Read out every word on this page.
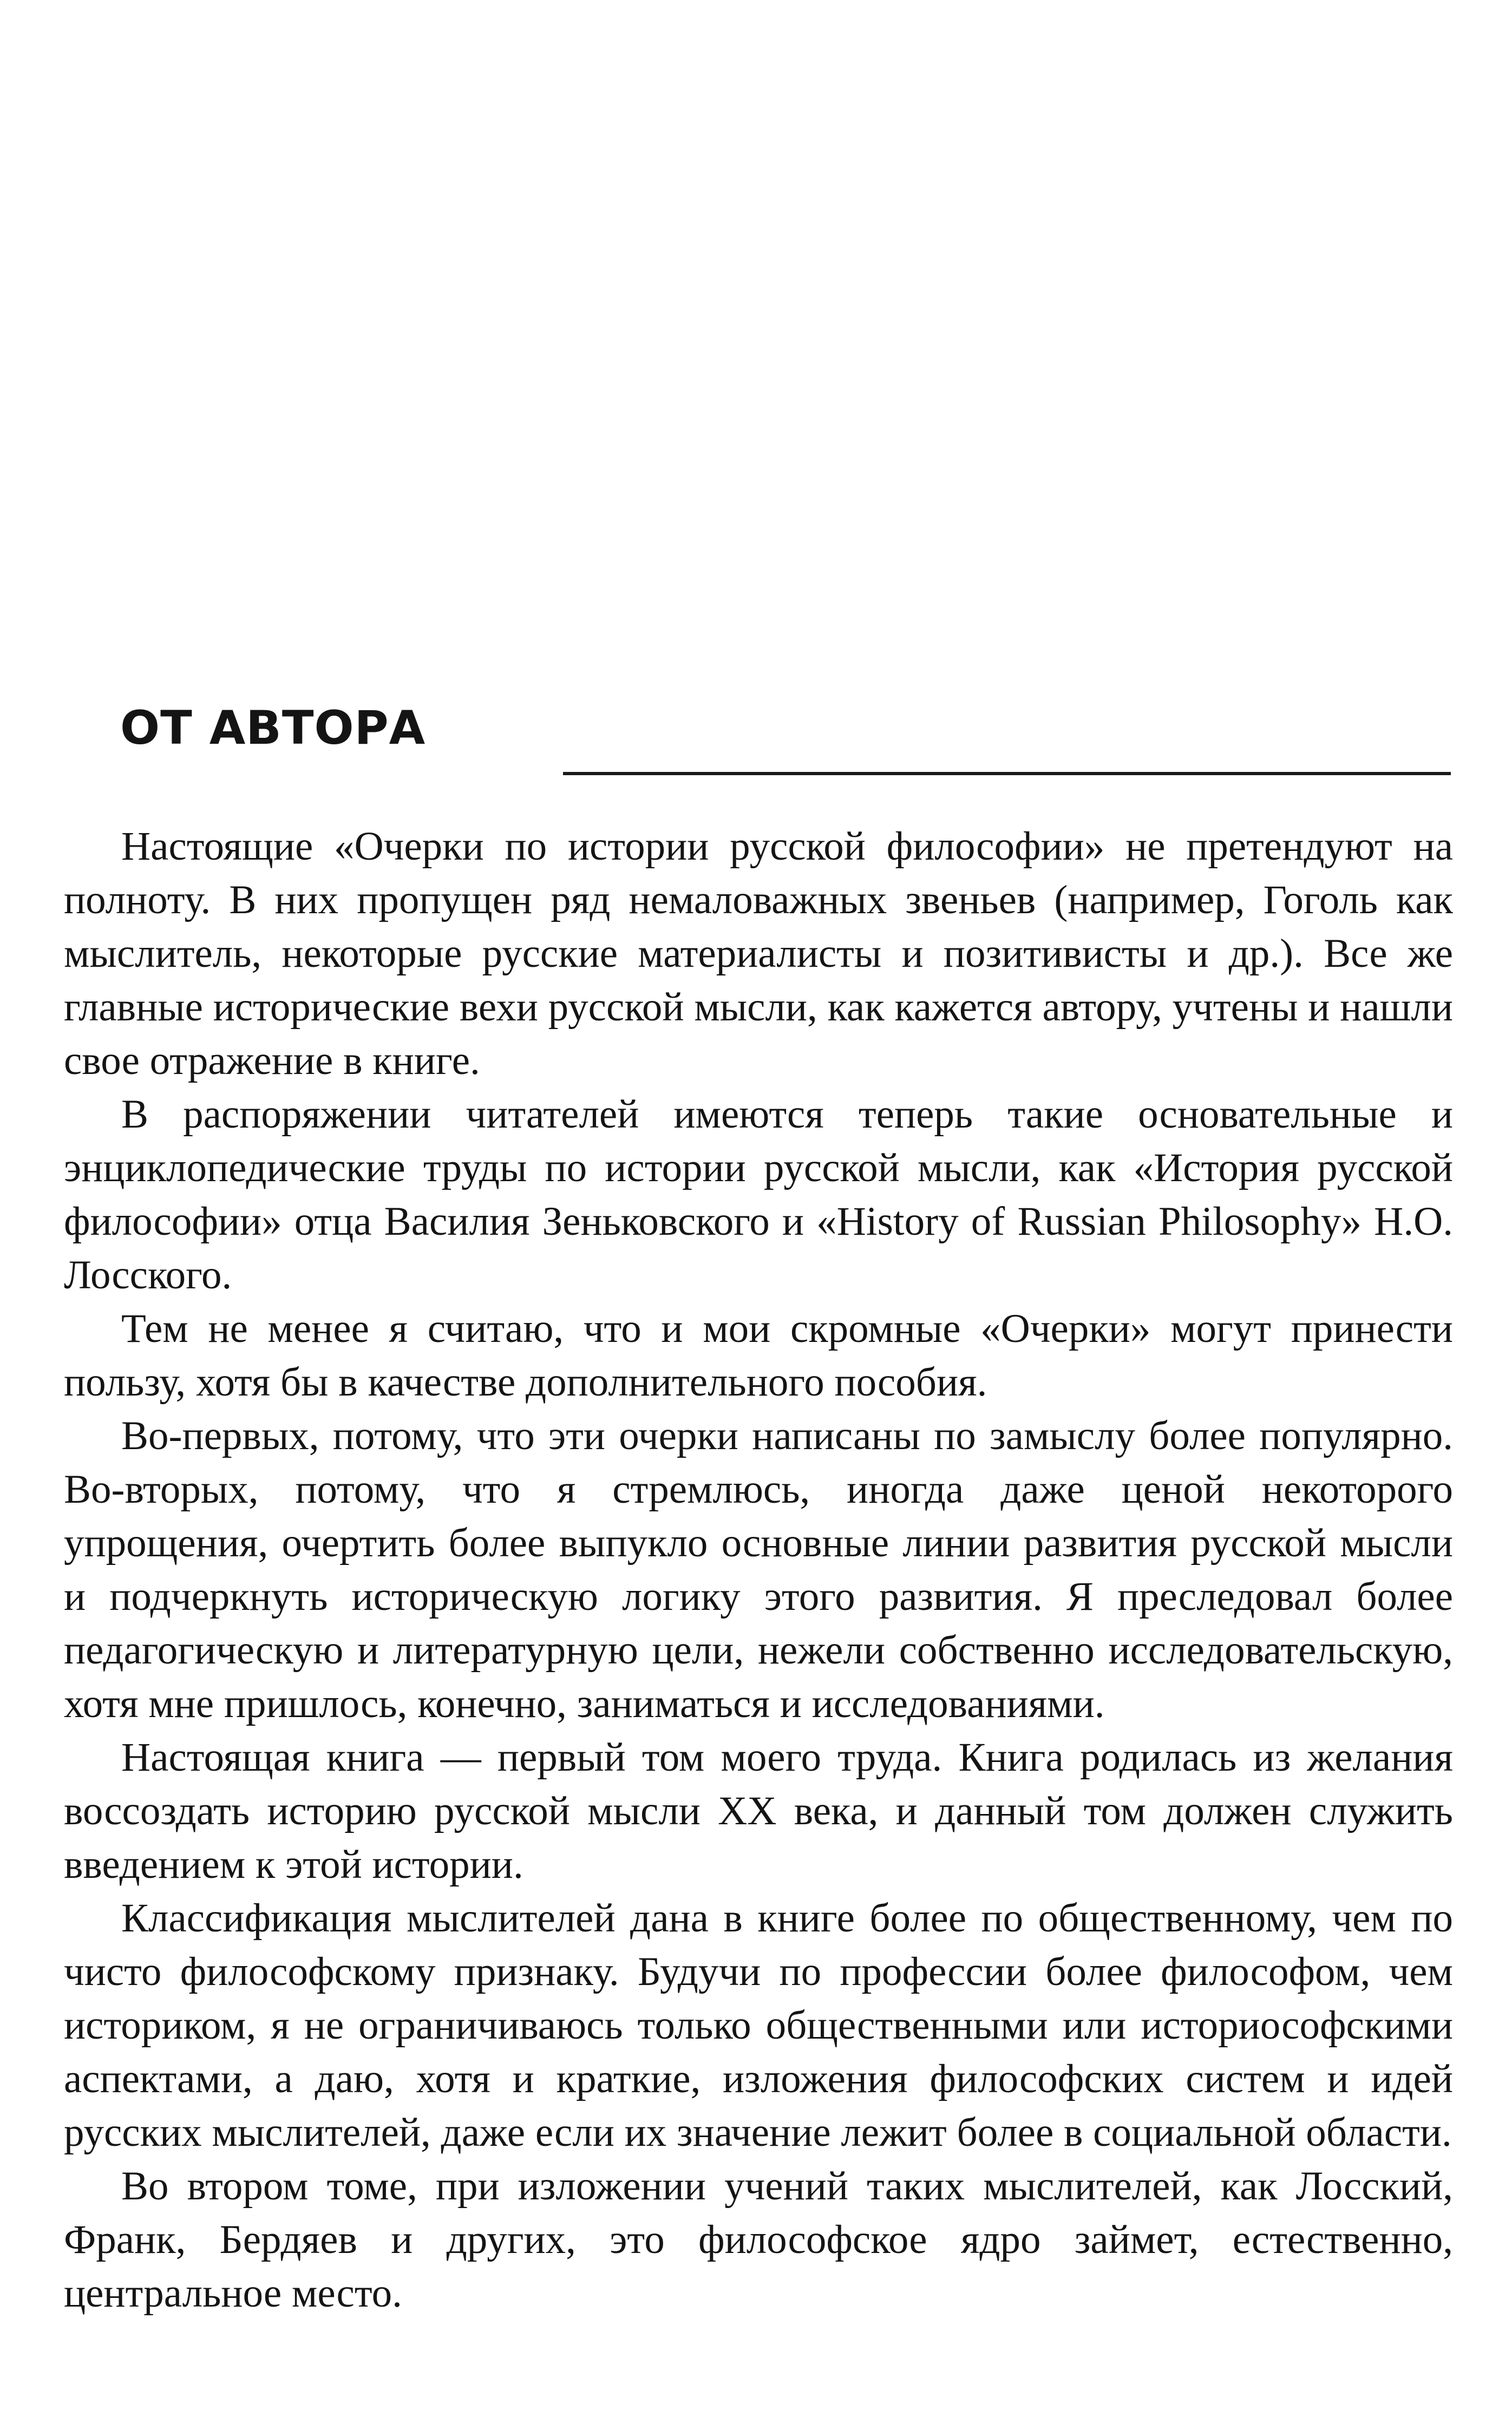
ОТ АВТОРА

Настоящие «Очерки по истории русской философии» не претендуют на полноту. В них пропущен ряд немаловажных звеньев (например, Гоголь как мыслитель, некоторые русские материалисты и позитивисты и др.). Все же главные исторические вехи русской мысли, как кажется автору, учтены и нашли свое отражение в книге.

В распоряжении читателей имеются теперь такие основательные и энциклопедические труды по истории русской мысли, как «История русской философии» отца Василия Зеньковского и «History of Russian Philosophy» Н.О. Лосского.

Тем не менее я считаю, что и мои скромные «Очерки» могут принести пользу, хотя бы в качестве дополнительного пособия.

Во-первых, потому, что эти очерки написаны по замыслу более популярно. Во-вторых, потому, что я стремлюсь, иногда даже ценой некоторого упрощения, очертить более выпукло основные линии развития русской мысли и подчеркнуть историческую логику этого развития. Я преследовал более педагогическую и литературную цели, нежели собственно исследовательскую, хотя мне пришлось, конечно, заниматься и исследованиями.

Настоящая книга — первый том моего труда. Книга родилась из желания воссоздать историю русской мысли XX века, и данный том должен служить введением к этой истории.

Классификация мыслителей дана в книге более по общественному, чем по чисто философскому признаку. Будучи по профессии более философом, чем историком, я не ограничиваюсь только общественными или историософскими аспектами, а даю, хотя и краткие, изложения философских систем и идей русских мыслителей, даже если их значение лежит более в социальной области.

Во втором томе, при изложении учений таких мыслителей, как Лосский, Франк, Бердяев и других, это философское ядро займет, естественно, центральное место.
